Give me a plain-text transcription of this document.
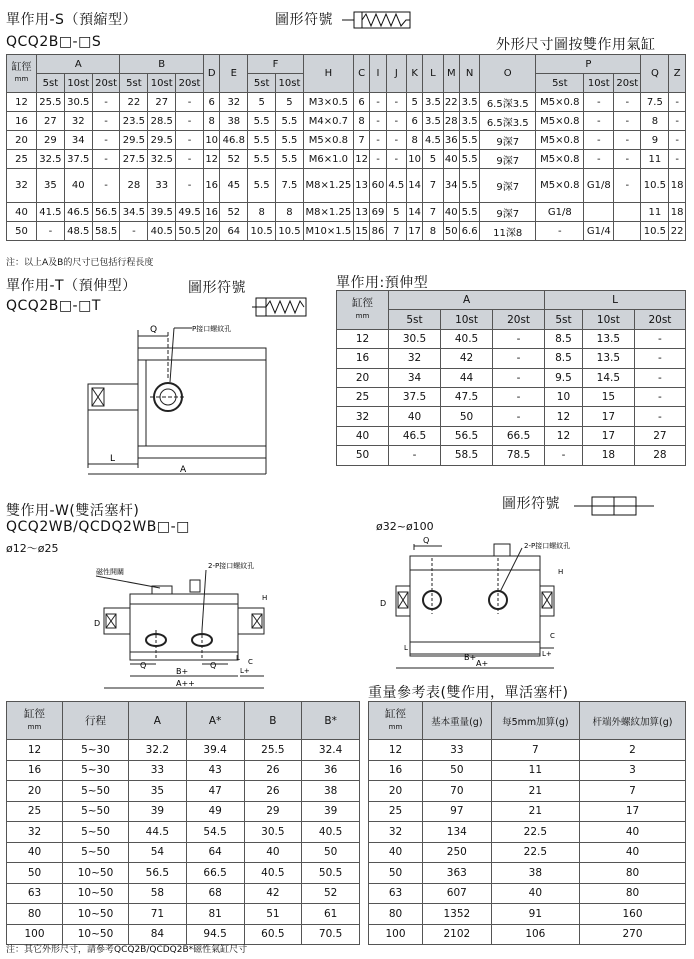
單作用-S（預縮型）
QCQ2B□-□S
圖形符號
外形尺寸圖按雙作用氣缸
缸徑
mm	A			B			D	E	F		H	C	I	J	K	L	M	N	O	P			Q	Z
	5st	10st	20st	5st	10st	20st			5st	10st										5st	10st	20st		
12	25.5	30.5	-	22	27	-	6	32	5	5	M3×0.5	6	-	-	5	3.5	22	3.5	6.5深3.5	M5×0.8	-	-	7.5	-
16	27	32	-	23.5	28.5	-	8	38	5.5	5.5	M4×0.7	8	-	-	6	3.5	28	3.5	6.5深3.5	M5×0.8	-	-	8	-
20	29	34	-	29.5	29.5	-	10	46.8	5.5	5.5	M5×0.8	7	-	-	8	4.5	36	5.5	9深7	M5×0.8	-	-	9	-
25	32.5	37.5	-	27.5	32.5	-	12	52	5.5	5.5	M6×1.0	12	-	-	10	5	40	5.5	9深7	M5×0.8	-	-	11	-
32	35	40	-	28	33	-	16	45	5.5	7.5	M8×1.25	13	60	4.5	14	7	34	5.5	9深7	M5×0.8	G1/8	-	10.5	18
40	41.5	46.5	56.5	34.5	39.5	49.5	16	52	8	8	M8×1.25	13	69	5	14	7	40	5.5	9深7	G1/8			11	18
50	-	48.5	58.5	-	40.5	50.5	20	64	10.5	10.5	M10×1.5	15	86	7	17	8	50	6.6	11深8	-	G1/4		10.5	22
注：以上A及B的尺寸已包括行程長度
單作用-T（預伸型）
QCQ2B□-□T
圖形符號	單作用:預伸型
Q	P接口螺紋孔
L
A
缸徑
mm	A			L		
	5st	10st	20st	5st	10st	20st
12	30.5	40.5	-	8.5	13.5	-
16	32	42	-	8.5	13.5	-
20	34	44	-	9.5	14.5	-
25	37.5	47.5	-	10	15	-
32	40	50	-	12	17	-
40	46.5	56.5	66.5	12	17	27
50	-	58.5	78.5	-	18	28
雙作用-W(雙活塞杆)
QCQ2WB/QCDQ2WB□-□
ø12～ø25
ø32~ø100
圖形符號
磁性開關
2-P接口螺紋孔
D
H
Q	Q
B+	L+
C
L
A++
2-P接口螺紋孔
Q
D
H
L
C
B+	L+
A+
重量參考表(雙作用，單活塞杆)
缸徑
mm	行程	A	A*	B	B*
12	5~30	32.2	39.4	25.5	32.4
16	5~30	33	43	26	36
20	5~50	35	47	26	38
25	5~50	39	49	29	39
32	5~50	44.5	54.5	30.5	40.5
40	5~50	54	64	40	50
50	10~50	56.5	66.5	40.5	50.5
63	10~50	58	68	42	52
80	10~50	71	81	51	61
100	10~50	84	94.5	60.5	70.5
缸徑
mm	基本重量(g)	每5mm加算(g)	杆端外螺紋加算(g)
12	33	7	2
16	50	11	3
20	70	21	7
25	97	21	17
32	134	22.5	40
40	250	22.5	40
50	363	38	80
63	607	40	80
80	1352	91	160
100	2102	106	270
注：其它外形尺寸，請參考QCQ2B/QCDQ2B*磁性氣缸尺寸
